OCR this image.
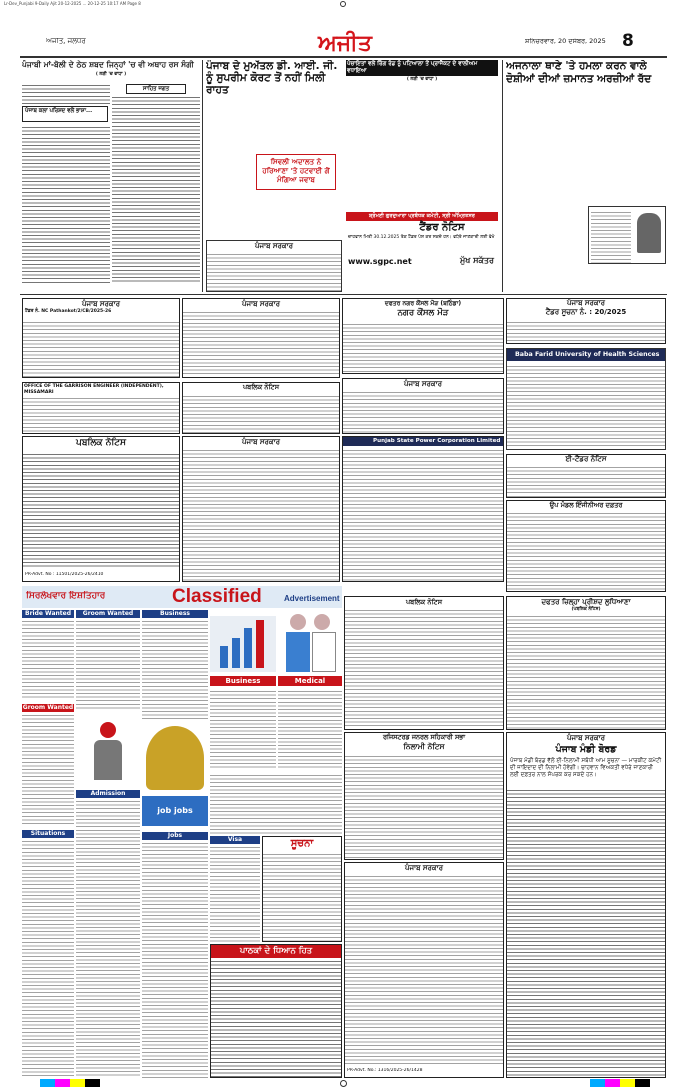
Lr-Dev_Punjabi 9-Daily Ajit 20-12-2025 ... 20-12-25 10:17 AM Page 8
ਅਜੀਤ, ਜਲੰਧਰ	ਅਜੀਤ	ਸ਼ਨਿਚਰਵਾਰ, 20 ਦਸੰਬਰ, 2025 8
ਪੰਜਾਬੀ ਮਾਂ-ਬੋਲੀ ਦੇ ਠੇਠ ਸ਼ਬਦ ਜਿਨ੍ਹਾਂ 'ਚ ਵੀ ਅਥਾਹ ਰਸ ਸੰਗੀ
( ਲੜੀ 'ਚ ਵਾਧਾ )
ਪੰਜਾਬ ਕਲਾ ਪਰਿਸ਼ਦ ਵਲੋਂ ਭਾਸ਼ਾ...
ਸਾਹਿਤ ਜਗਤ
ਪੰਜਾਬ ਦੇ ਮੁਅੱਤਲ ਡੀ. ਆਈ. ਜੀ. ਨੂੰ ਸੁਪਰੀਮ ਕੋਰਟ ਤੋਂ ਨਹੀਂ ਮਿਲੀ ਰਾਹਤ
ਸਿਵਲੀ ਅਦਾਲਤ ਨੇ ਹਰਿਆਣਾ 'ਤੇ ਹਟਵਾਈ ਗੋਂ ਮੰਗਿਆ ਜਵਾਬ
ਪੰਚਾਇਤਾਂ ਵਲੋਂ ਰਿੰਗ ਰੋਡ ਨੂੰ ਪਟਿਆਲਾ ਤੋਂ ਪ੍ਰਾਜੈਕਟ ਦੇ ਵਾਲੀਅਮ ਵਧਾਇਆ
( ਲੜੀ 'ਚ ਵਾਧਾ )
ਸ਼੍ਰੋਮਣੀ ਗੁਰਦੁਆਰਾ ਪ੍ਰਬੰਧਕ ਕਮੇਟੀ, ਸ੍ਰੀ ਅੰਮ੍ਰਿਤਸਰ
ਟੈਂਡਰ ਨੋਟਿਸ
ਚਾਹਵਾਨ ਮਿਤੀ 30.12.2025 ਤੱਕ ਟੈਂਡਰ ਪੇਸ਼ ਕਰ ਸਕਦੇ ਹਨ। ਵਧੇਰੇ ਜਾਣਕਾਰੀ ਲਈ ਵੇਖੋ
www.sgpc.net	ਮੁੱਖ ਸਕੱਤਰ
ਅਜਨਾਲਾ ਥਾਣੇ 'ਤੇ ਹਮਲਾ ਕਰਨ ਵਾਲੇ ਦੋਸ਼ੀਆਂ ਦੀਆਂ ਜ਼ਮਾਨਤ ਅਰਜ਼ੀਆਂ ਰੱਦ
ਪੰਜਾਬ ਸਰਕਾਰ
ਪੰਜਾਬ ਸਰਕਾਰ
ਟੈਂਡਰ ਨੰ. NC Pathankot/2/CB/2025-26
ਪੰਜਾਬ ਸਰਕਾਰ	ਦਫਤਰ ਨਗਰ ਕੌਂਸਲ ਮੌੜ (ਬਠਿੰਡਾ)
ਨਗਰ ਕੌਂਸਲ ਮੌੜ
ਪੰਜਾਬ ਸਰਕਾਰ
ਟੈਂਡਰ ਸੂਚਨਾ ਨੰ. : 20/2025
Baba Farid University of Health Sciences
OFFICE OF THE GARRISON ENGINEER (INDEPENDENT), MISSAMARI
ਪਬਲਿਕ ਨੋਟਿਸ	ਪੰਜਾਬ ਸਰਕਾਰ
ਪਬਲਿਕ ਨੋਟਿਸ
PR-Advt. No : 11501/2025-26/2410
ਪੰਜਾਬ ਸਰਕਾਰ	Punjab State Power Corporation Limited
ਈ-ਟੈਂਡਰ ਨੋਟਿਸ
ਉਪ ਮੰਡਲ ਇੰਜੀਨੀਅਰ ਦਫ਼ਤਰ
ਸਿਰਲੇਖਵਾਰ ਇਸ਼ਤਿਹਾਰ	Classified	Advertisement
Bride Wanted
Groom Wanted
Situations
Groom Wanted
Admission
Business
job jobs
Jobs
Business	Medical
ਸੂਚਨਾ
Visa
ਪਾਠਕਾਂ ਦੇ ਧਿਆਨ ਹਿਤ
ਪਬਲਿਕ ਨੋਟਿਸ
ਰਜਿਸਟਰਡ ਜਨਰਲ ਸਹਿਕਾਰੀ ਸਭਾ
ਨਿਲਾਮੀ ਨੋਟਿਸ
ਪੰਜਾਬ ਸਰਕਾਰ
PR-Advt. No.: 1316/2025-26/1428
ਦਫਤਰ ਜ਼ਿਲ੍ਹਾ ਪ੍ਰੀਸ਼ਦ ਲੁਧਿਆਣਾ
(ਪਬਲਿਕ ਨੋਟਿਸ)
ਪੰਜਾਬ ਸਰਕਾਰ
ਪੰਜਾਬ ਮੰਡੀ ਬੋਰਡ
ਪੰਜਾਬ ਮੰਡੀ ਬੋਰਡ ਵੱਲੋਂ ਈ-ਨਿਲਾਮੀ ਸਬੰਧੀ ਆਮ ਸੂਚਨਾ — ਮਾਰਕੀਟ ਕਮੇਟੀ ਦੀ ਜਾਇਦਾਦ ਦੀ ਨਿਲਾਮੀ ਹੋਵੇਗੀ। ਚਾਹਵਾਨ ਵਿਅਕਤੀ ਵਧੇਰੇ ਜਾਣਕਾਰੀ ਲਈ ਦਫ਼ਤਰ ਨਾਲ ਸੰਪਰਕ ਕਰ ਸਕਦੇ ਹਨ।
